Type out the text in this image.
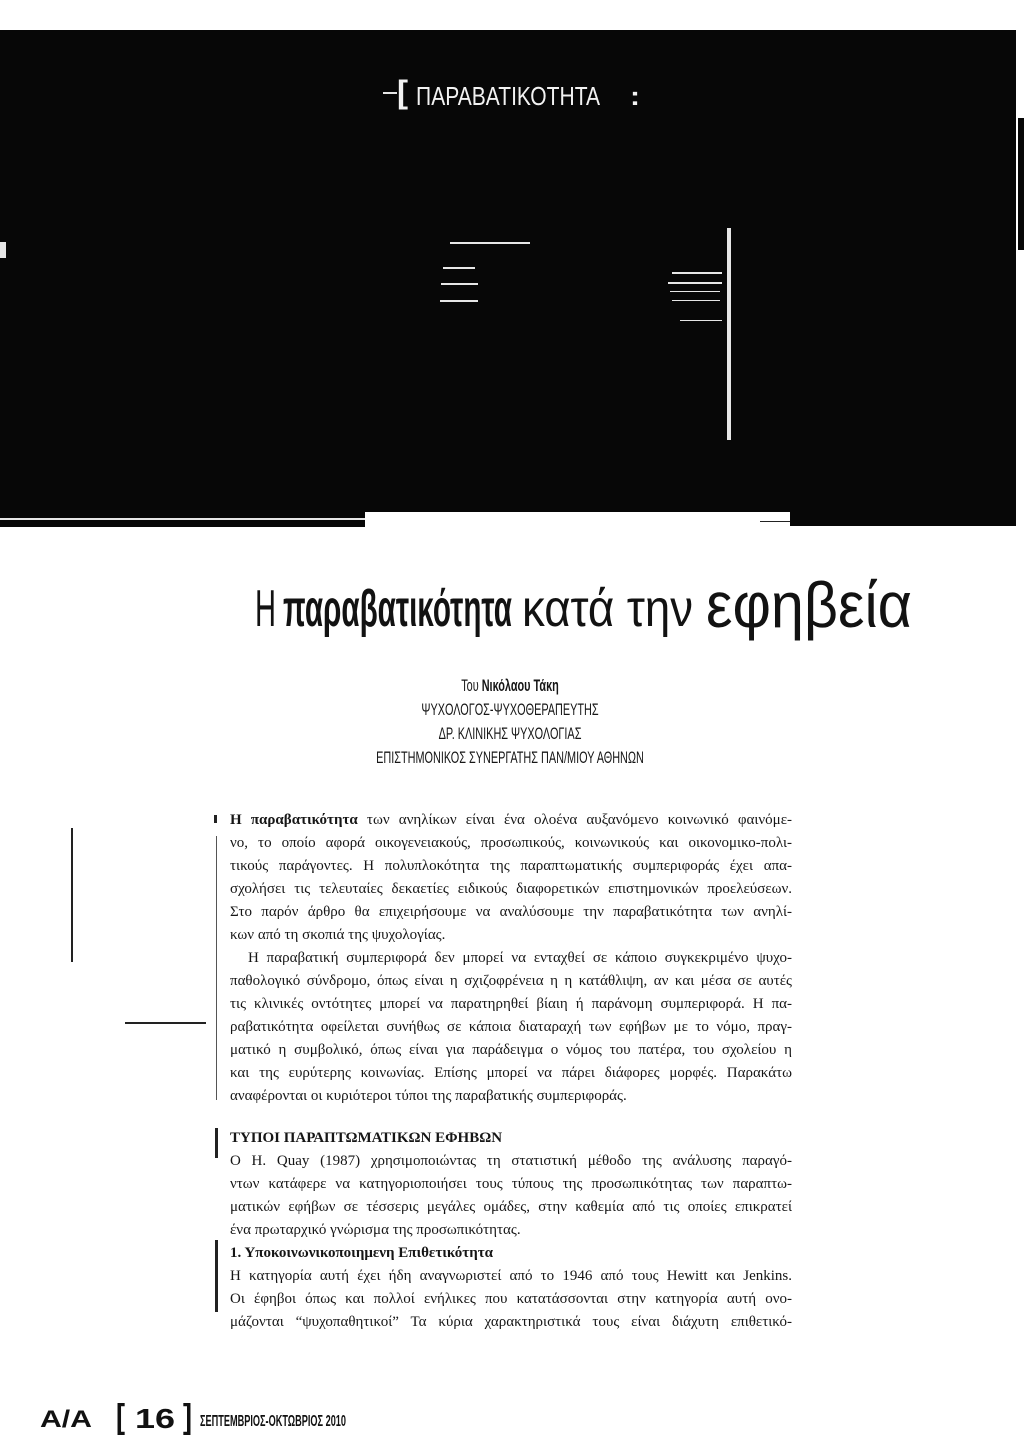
[ ΠΑΡΑΒΑΤΙΚΟΤΗΤΑ :
Η παραβατικότητα κατά την εφηβεία
Του Νικόλαου Τάκη
ΨΥΧΟΛΟΓΟΣ-ΨΥΧΟΘΕΡΑΠΕΥΤΗΣ
ΔΡ. ΚΛΙΝΙΚΗΣ ΨΥΧΟΛΟΓΙΑΣ
ΕΠΙΣΤΗΜΟΝΙΚΟΣ ΣΥΝΕΡΓΑΤΗΣ ΠΑΝ/ΜΙΟΥ ΑΘΗΝΩΝ
Η παραβατικότητα των ανηλίκων είναι ένα ολοένα αυξανόμενο κοινωνικό φαινόμε-
νο, το οποίο αφορά οικογενειακούς, προσωπικούς, κοινωνικούς και οικονομικο-πολι-
τικούς παράγοντες. Η πολυπλοκότητα της παραπτωματικής συμπεριφοράς έχει απα-
σχολήσει τις τελευταίες δεκαετίες ειδικούς διαφορετικών επιστημονικών προελεύσεων.
Στο παρόν άρθρο θα επιχειρήσουμε να αναλύσουμε την παραβατικότητα των ανηλί-
κων από τη σκοπιά της ψυχολογίας.
Η παραβατική συμπεριφορά δεν μπορεί να ενταχθεί σε κάποιο συγκεκριμένο ψυχο-
παθολογικό σύνδρομο, όπως είναι η σχιζοφρένεια η η κατάθλιψη, αν και μέσα σε αυτές
τις κλινικές οντότητες μπορεί να παρατηρηθεί βίαιη ή παράνομη συμπεριφορά. Η πα-
ραβατικότητα οφείλεται συνήθως σε κάποια διαταραχή των εφήβων με το νόμο, πραγ-
ματικό η συμβολικό, όπως είναι για παράδειγμα ο νόμος του πατέρα, του σχολείου η
και της ευρύτερης κοινωνίας. Επίσης μπορεί να πάρει διάφορες μορφές. Παρακάτω
αναφέρονται οι κυριότεροι τύποι της παραβατικής συμπεριφοράς.
ΤΥΠΟΙ ΠΑΡΑΠΤΩΜΑΤΙΚΩΝ ΕΦΗΒΩΝ
Ο Η. Quay (1987) χρησιμοποιώντας τη στατιστική μέθοδο της ανάλυσης παραγό-
ντων κατάφερε να κατηγοριοποιήσει τους τύπους της προσωπικότητας των παραπτω-
ματικών εφήβων σε τέσσερις μεγάλες ομάδες, στην καθεμία από τις οποίες επικρατεί
ένα πρωταρχικό γνώρισμα της προσωπικότητας.
1. Υποκοινωνικοποιημενη Επιθετικότητα
Η κατηγορία αυτή έχει ήδη αναγνωριστεί από το 1946 από τους Hewitt και Jenkins.
Οι έφηβοι όπως και πολλοί ενήλικες που κατατάσσονται στην κατηγορία αυτή ονο-
μάζονται “ψυχοπαθητικοί” Τα κύρια χαρακτηριστικά τους είναι διάχυτη επιθετικό-
Α/Α [ 16 ] ΣΕΠΤΕΜΒΡΙΟΣ-ΟΚΤΩΒΡΙΟΣ 2010
